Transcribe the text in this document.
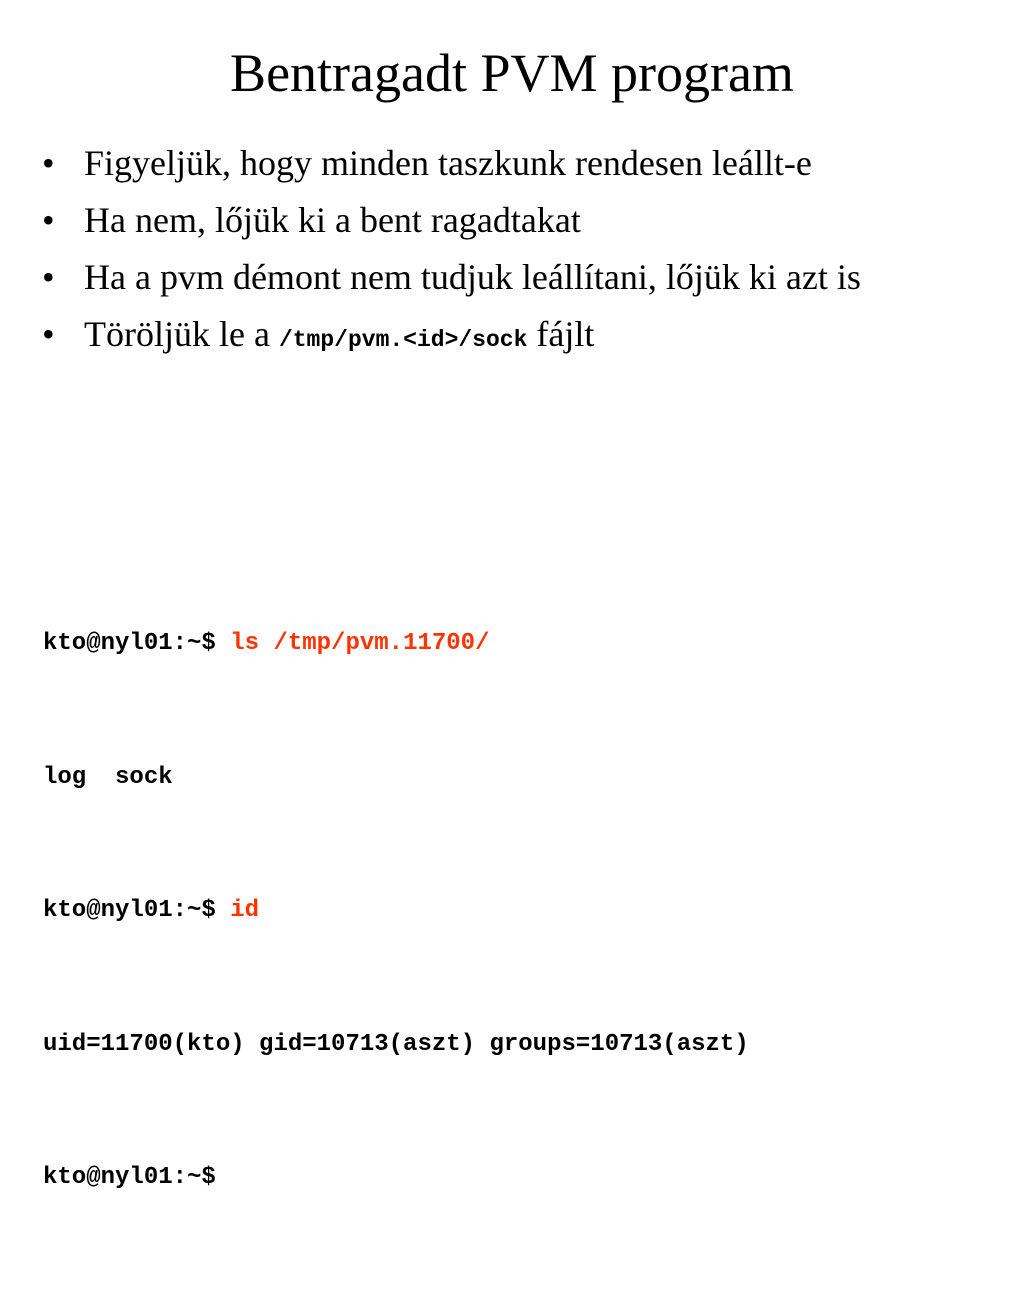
Bentragadt PVM program
• Figyeljük, hogy minden taszkunk rendesen leállt-e
• Ha nem, lőjük ki a bent ragadtakat
• Ha a pvm démont nem tudjuk leállítani, lőjük ki azt is
• Töröljük le a /tmp/pvm.<id>/sock fájlt

kto@nyl01:~$ ls /tmp/pvm.11700/

log  sock

kto@nyl01:~$ id

uid=11700(kto) gid=10713(aszt) groups=10713(aszt)

kto@nyl01:~$
